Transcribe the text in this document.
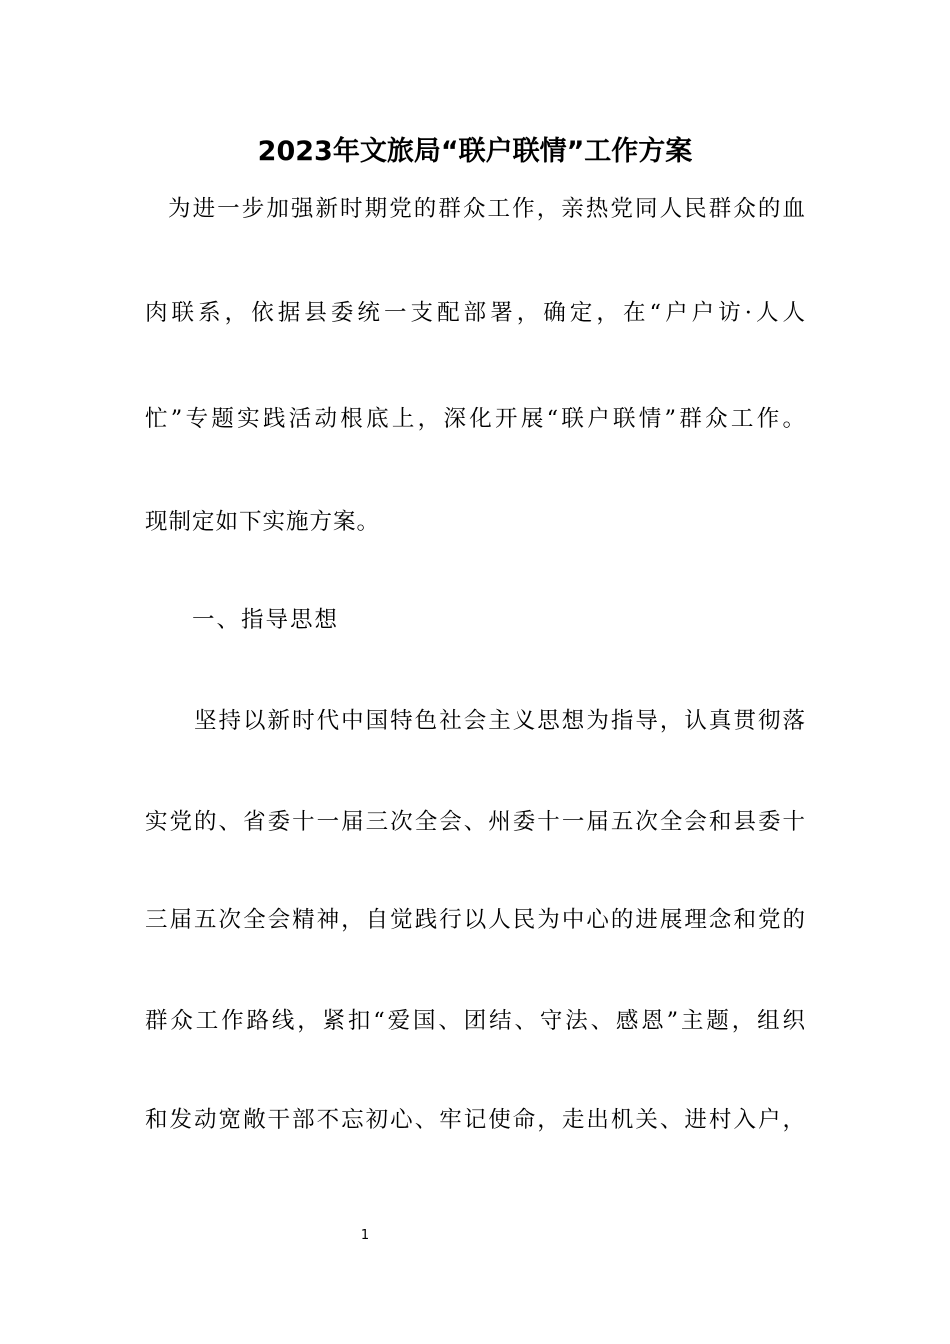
2023年文旅局“联户联情”工作方案
为进一步加强新时期党的群众工作，亲热党同人民群众的血
肉联系，依据县委统一支配部署，确定，在“户户访·人人
忙”专题实践活动根底上，深化开展“联户联情”群众工作。
现制定如下实施方案。
一、指导思想
坚持以新时代中国特色社会主义思想为指导，认真贯彻落
实党的、省委十一届三次全会、州委十一届五次全会和县委十
三届五次全会精神，自觉践行以人民为中心的进展理念和党的
群众工作路线，紧扣“爱国、团结、守法、感恩”主题，组织
和发动宽敞干部不忘初心、牢记使命，走出机关、进村入户，
1
